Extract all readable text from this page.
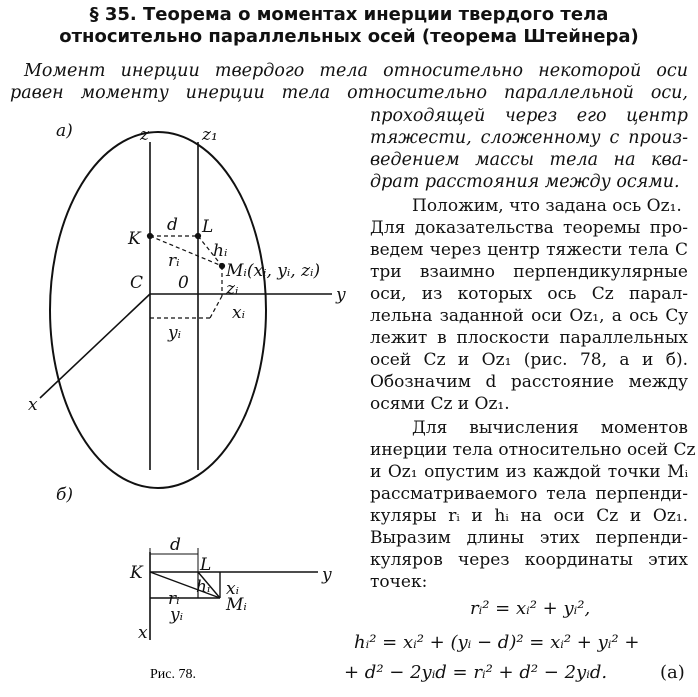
§ 35. Теорема о моментах инерции твердого тела
относительно параллельных осей (теорема Штейнера)
Момент инерции твердого тела относительно некоторой оси
равен моменту инерции тела относительно параллельной оси,
проходящей через его центр
тяжести, сложенному с произ-
ведением массы тела на ква-
драт расстояния между осями.
Положим, что задана ось Oz₁.
Для доказательства теоремы про-
ведем через центр тяжести тела C
три взаимно перпендикулярные
оси, из которых ось Cz парал-
лельна заданной оси Oz₁, а ось Cy
лежит в плоскости параллельных
осей Cz и Oz₁ (рис. 78, a и б).
Обозначим d расстояние между
осями Cz и Oz₁.
Для вычисления моментов
инерции тела относительно осей Cz
и Oz₁ опустим из каждой точки Mᵢ
рассматриваемого тела перпенди-
куляры rᵢ и hᵢ на оси Cz и Oz₁.
Выразим длины этих перпенди-
куляров через координаты этих
точек:
rᵢ² = xᵢ² + yᵢ²,
hᵢ² = xᵢ² + (yᵢ − d)² = xᵢ² + yᵢ² +
+ d² − 2yᵢd = rᵢ² + d² − 2yᵢd.	(a)
а)	z	z₁
K
d L
hᵢ
rᵢ	Mᵢ(xᵢ, yᵢ, zᵢ)
C 0
y
zᵢ
xᵢ
yᵢ
x
б)
d
K	L	y
hᵢ xᵢ
rᵢ	Mᵢ
yᵢ
x
Рис. 78.
